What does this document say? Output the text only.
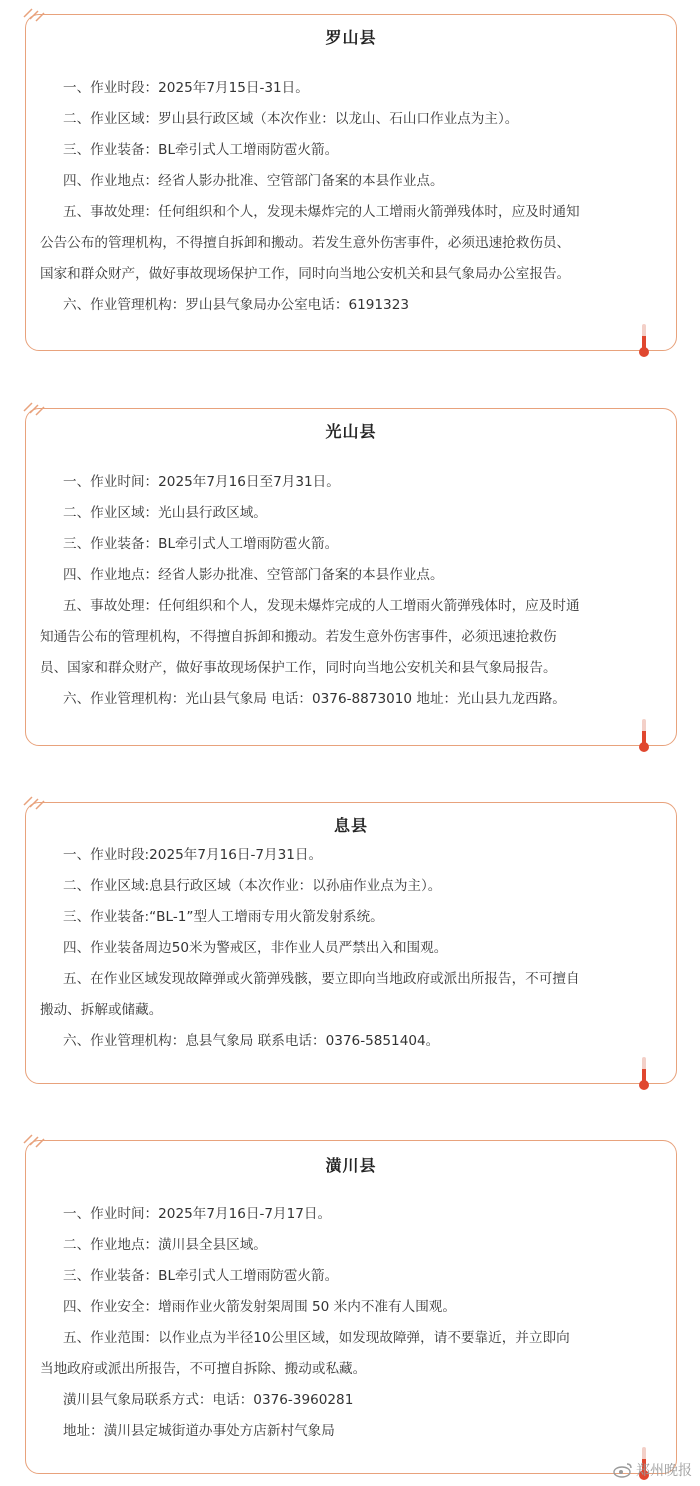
罗山县

一、作业时段：2025年7月15日-31日。

二、作业区域：罗山县行政区域（本次作业：以龙山、石山口作业点为主）。

三、作业装备：BL牵引式人工增雨防雹火箭。

四、作业地点：经省人影办批准、空管部门备案的本县作业点。

五、事故处理：任何组织和个人，发现未爆炸完的人工增雨火箭弹残体时，应及时通知

公告公布的管理机构，不得擅自拆卸和搬动。若发生意外伤害事件，必须迅速抢救伤员、

国家和群众财产，做好事故现场保护工作，同时向当地公安机关和县气象局办公室报告。

六、作业管理机构：罗山县气象局办公室电话：6191323

光山县

一、作业时间：2025年7月16日至7月31日。

二、作业区域：光山县行政区域。

三、作业装备：BL牵引式人工增雨防雹火箭。

四、作业地点：经省人影办批准、空管部门备案的本县作业点。

五、事故处理：任何组织和个人，发现未爆炸完成的人工增雨火箭弹残体时，应及时通

知通告公布的管理机构，不得擅自拆卸和搬动。若发生意外伤害事件，必须迅速抢救伤

员、国家和群众财产，做好事故现场保护工作，同时向当地公安机关和县气象局报告。

六、作业管理机构：光山县气象局 电话：0376-8873010 地址：光山县九龙西路。

息县

一、作业时段:2025年7月16日-7月31日。

二、作业区域:息县行政区域（本次作业：以孙庙作业点为主）。

三、作业装备:“BL-1”型人工增雨专用火箭发射系统。

四、作业装备周边50米为警戒区，非作业人员严禁出入和围观。

五、在作业区域发现故障弹或火箭弹残骸，要立即向当地政府或派出所报告，不可擅自

搬动、拆解或储藏。

六、作业管理机构：息县气象局 联系电话：0376-5851404。

潢川县

一、作业时间：2025年7月16日-7月17日。

二、作业地点：潢川县全县区域。

三、作业装备：BL牵引式人工增雨防雹火箭。

四、作业安全：增雨作业火箭发射架周围 50 米内不准有人围观。

五、作业范围：以作业点为半径10公里区域，如发现故障弹，请不要靠近，并立即向

当地政府或派出所报告，不可擅自拆除、搬动或私藏。

潢川县气象局联系方式：电话：0376-3960281

地址：潢川县定城街道办事处方店新村气象局

郑州晚报
